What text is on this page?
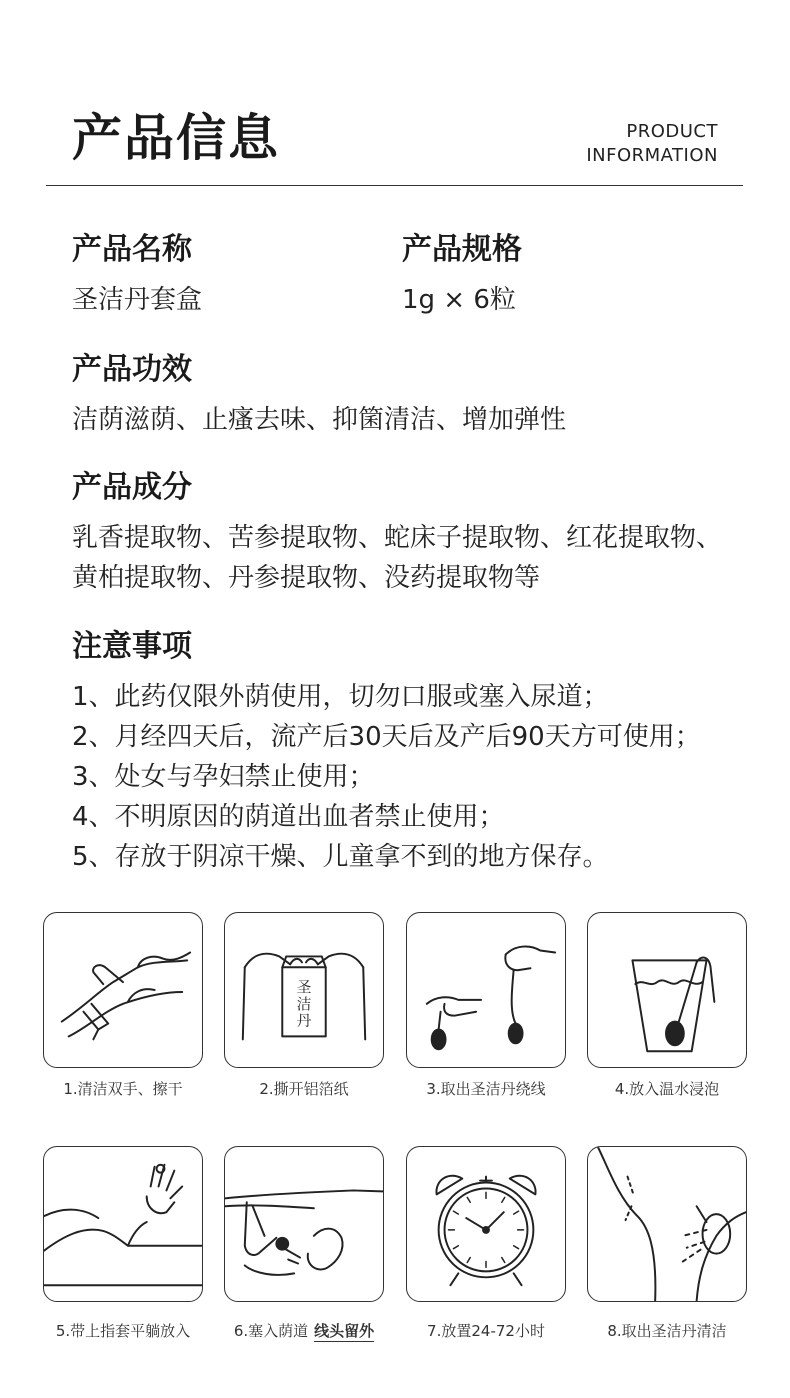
产品信息	PRODUCT
INFORMATION
产品名称
圣洁丹套盒
产品规格
1g × 6粒
产品功效
洁荫滋荫、止瘙去味、抑箘清洁、增加弹性
产品成分
乳香提取物、苦参提取物、蛇床子提取物、红花提取物、
黄柏提取物、丹参提取物、没药提取物等
注意事项
1、此药仅限外荫使用，切勿口服或塞入尿道；
2、月经四天后，流产后30天后及产后90天方可使用；
3、处女与孕妇禁止使用；
4、不明原因的荫道出血者禁止使用；
5、存放于阴凉干燥、儿童拿不到的地方保存。
1.清洁双手、擦干
圣
洁
丹
2.撕开铝箔纸	3.取出圣洁丹绕线	4.放入温水浸泡
5.带上指套平躺放入	6.塞入荫道 线头留外	7.放置24-72小时	8.取出圣洁丹清洁
